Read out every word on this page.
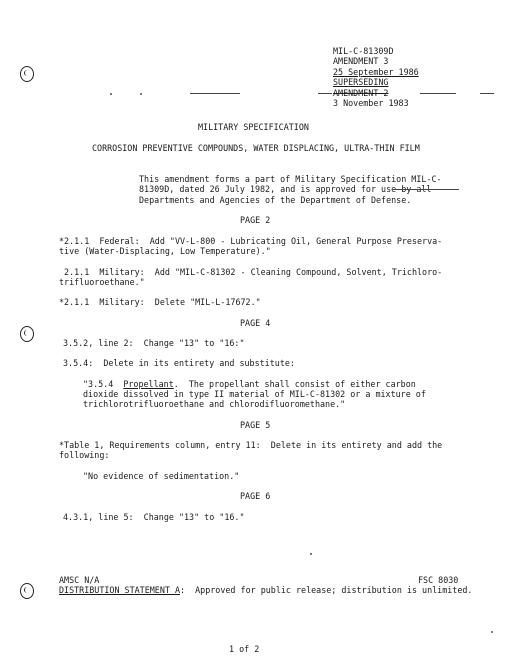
MIL-C-81309D
AMENDMENT 3
25 September 1986
SUPERSEDING
AMENDMENT 2
3 November 1983
MILITARY SPECIFICATION
CORROSION PREVENTIVE COMPOUNDS, WATER DISPLACING, ULTRA-THIN FILM
This amendment forms a part of Military Specification MIL-C-
81309D, dated 26 July 1982, and is approved for use by all
Departments and Agencies of the Department of Defense.
PAGE 2
*2.1.1  Federal:  Add "VV-L-800 - Lubricating Oil, General Purpose Preserva-
tive (Water-Displacing, Low Temperature)."
2.1.1  Military:  Add "MIL-C-81302 - Cleaning Compound, Solvent, Trichloro-
trifluoroethane."
*2.1.1  Military:  Delete "MIL-L-17672."
PAGE 4
3.5.2, line 2:  Change "13" to "16:"
3.5.4:  Delete in its entirety and substitute:
"3.5.4  Propellant.  The propellant shall consist of either carbon
dioxide dissolved in type II material of MIL-C-81302 or a mixture of
trichlorotrifluoroethane and chlorodifluoromethane."
PAGE 5
*Table 1, Requirements column, entry 11:  Delete in its entirety and add the
following:
"No evidence of sedimentation."
PAGE 6
4.3.1, line 5:  Change "13" to "16."
AMSC N/A	FSC 8030
DISTRIBUTION STATEMENT A:  Approved for public release; distribution is unlimited.
1 of 2
